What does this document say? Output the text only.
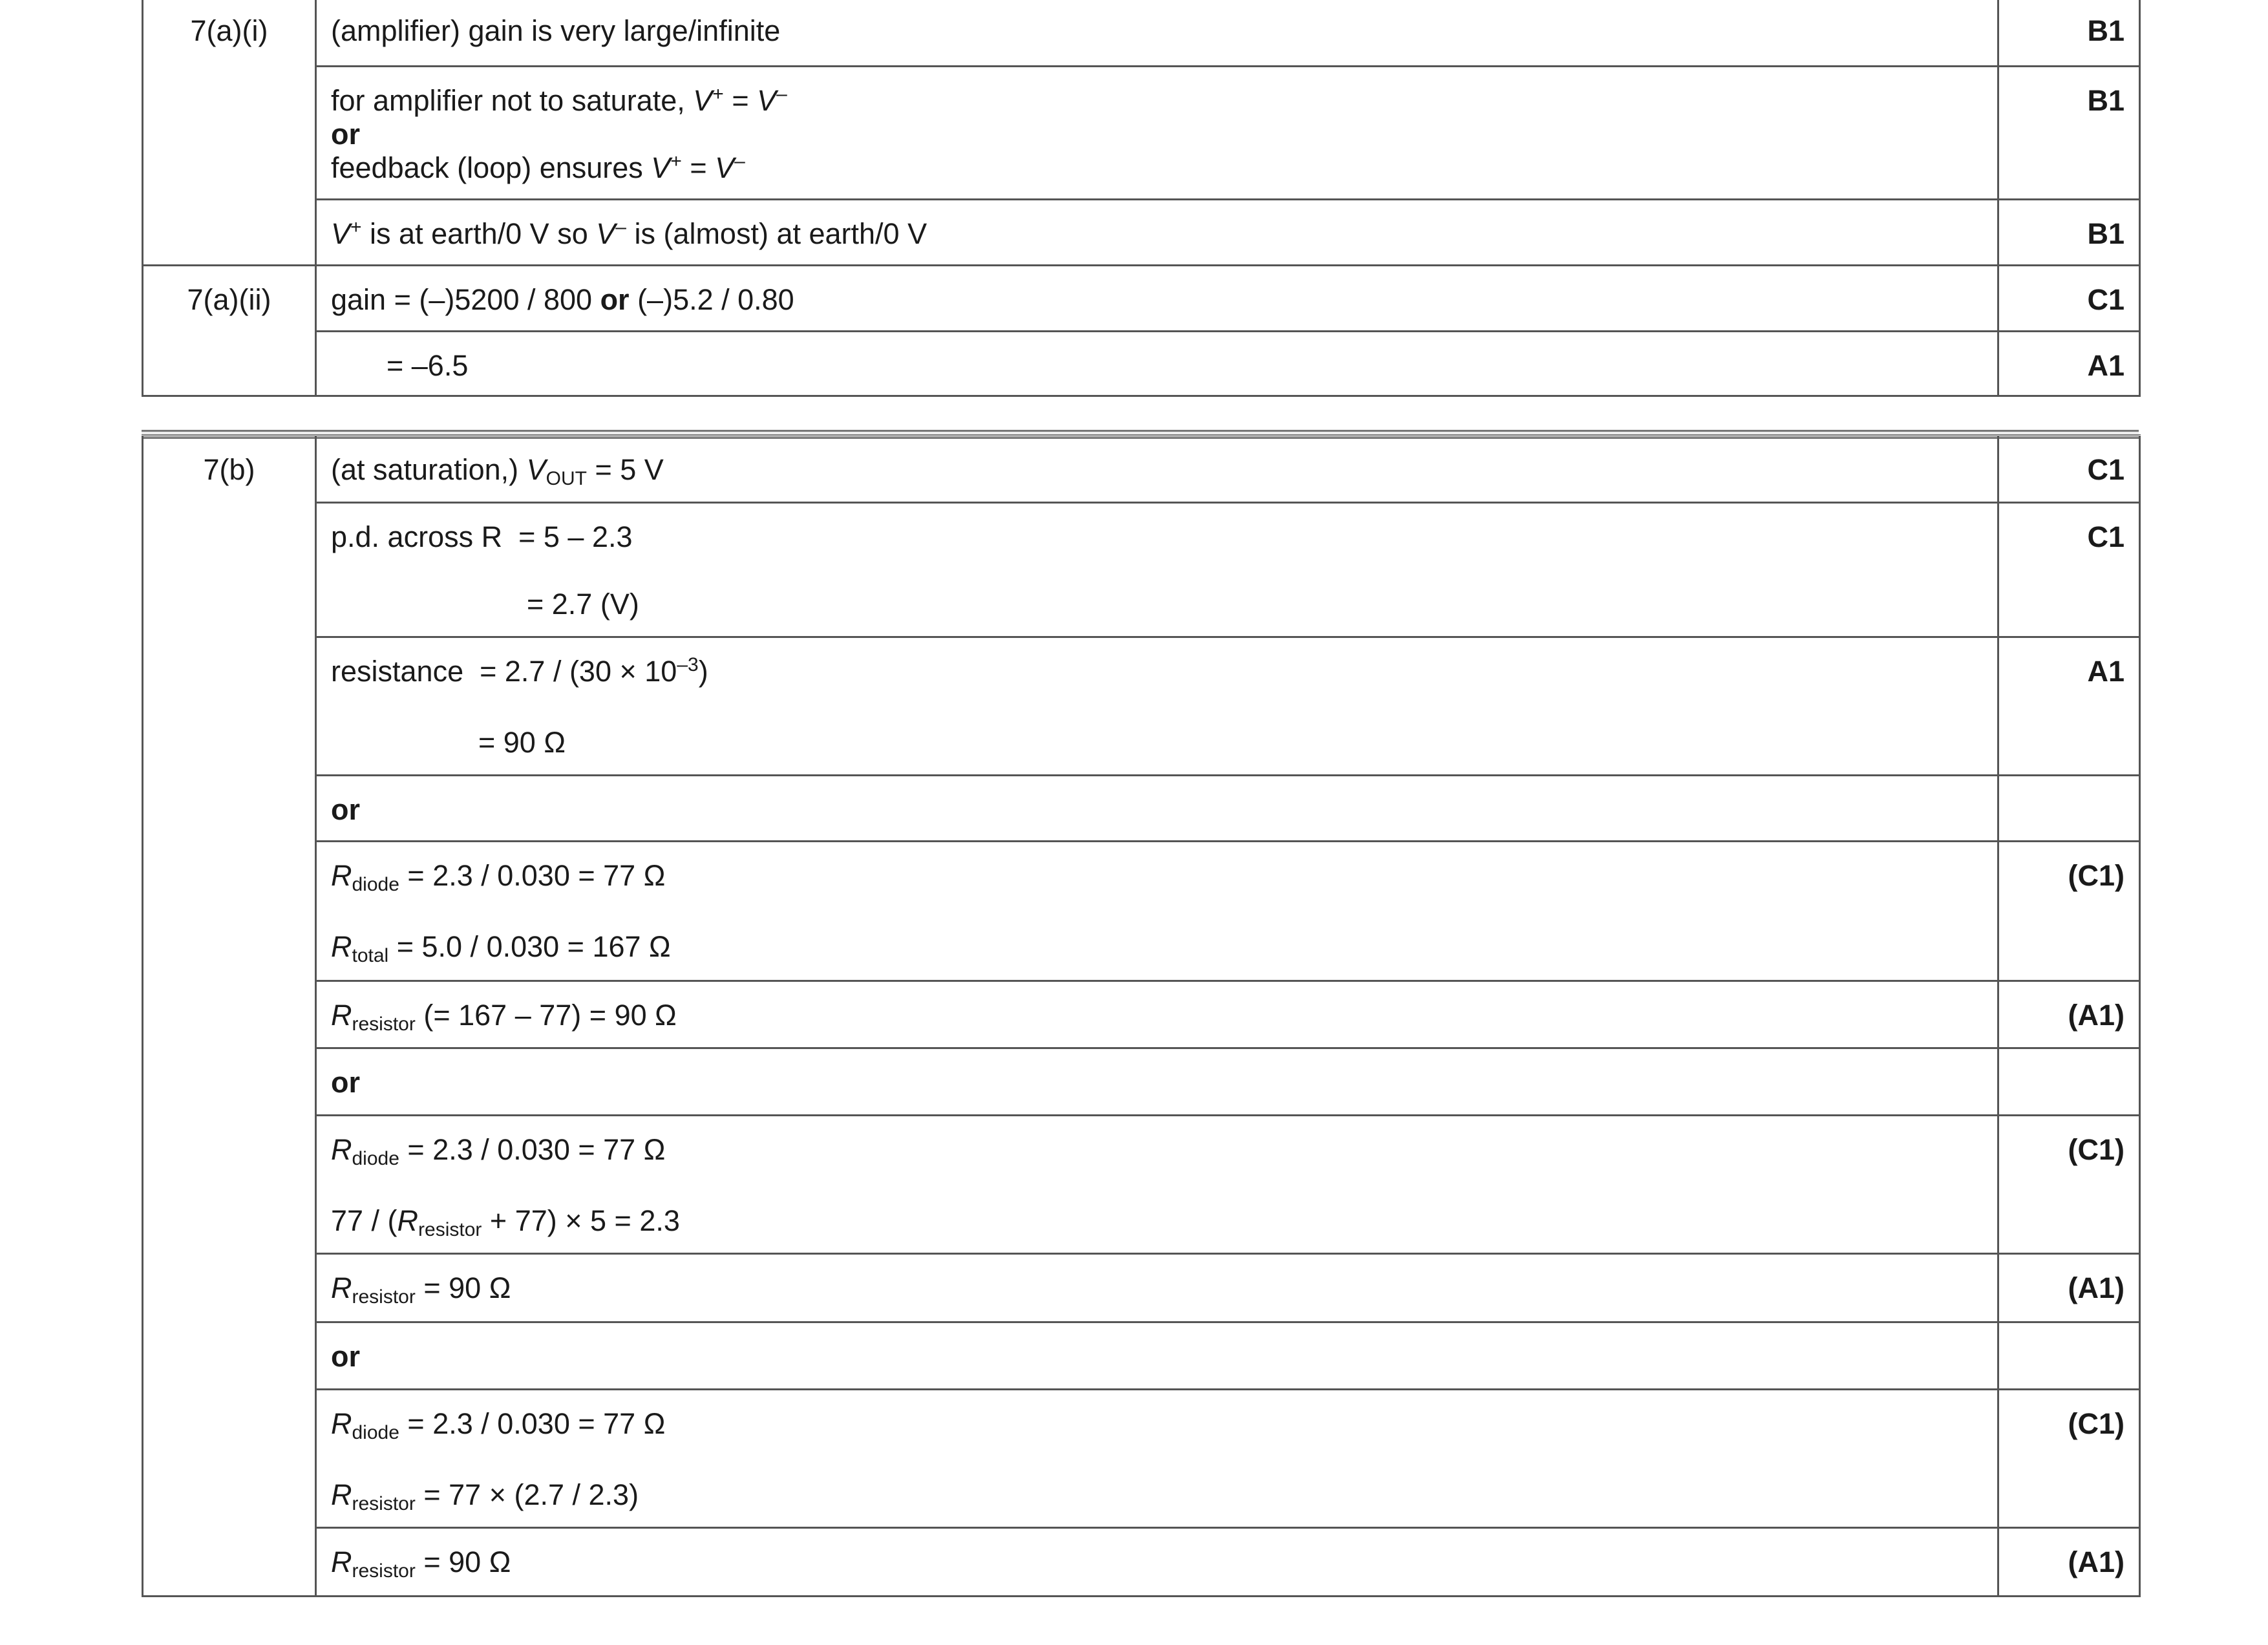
7(a)(i)	(amplifier) gain is very large/infinite	B1

	for amplifier not to saturate, V+ = V–
or
feedback (loop) ensures V+ = V–	B1
	V+ is at earth/0 V so V– is (almost) at earth/0 V	B1
7(a)(ii)	gain = (–)5200 / 800 or (–)5.2 / 0.80	C1
	= –6.5	A1
7(b)	(at saturation,) $V_{OUT} = 5$ V	C1

	p.d. across R  = 5 – 2.3
= 2.7 (V)	C1

	resistance  = $2.7 / (30 \times 10^{-3})$
= 90 Ω	A1
	or	

	$R_{diode} = 2.3 / 0.030 = 77$ Ω
$R_{total} = 5.0 / 0.030 = 167$ Ω	(C1)
	$R_{resistor}$ (= 167 – 77) = 90 Ω	(A1)
	or	

	$R_{diode} = 2.3 / 0.030 = 77$ Ω
$77 / (R_{resistor} + 77) \times 5 = 2.3$	(C1)
	$R_{resistor} = 90$ Ω	(A1)
	or	

	$R_{diode} = 2.3 / 0.030 = 77$ Ω
$R_{resistor} = 77 \times (2.7 / 2.3)$	(C1)
	$R_{resistor} = 90$ Ω	(A1)
